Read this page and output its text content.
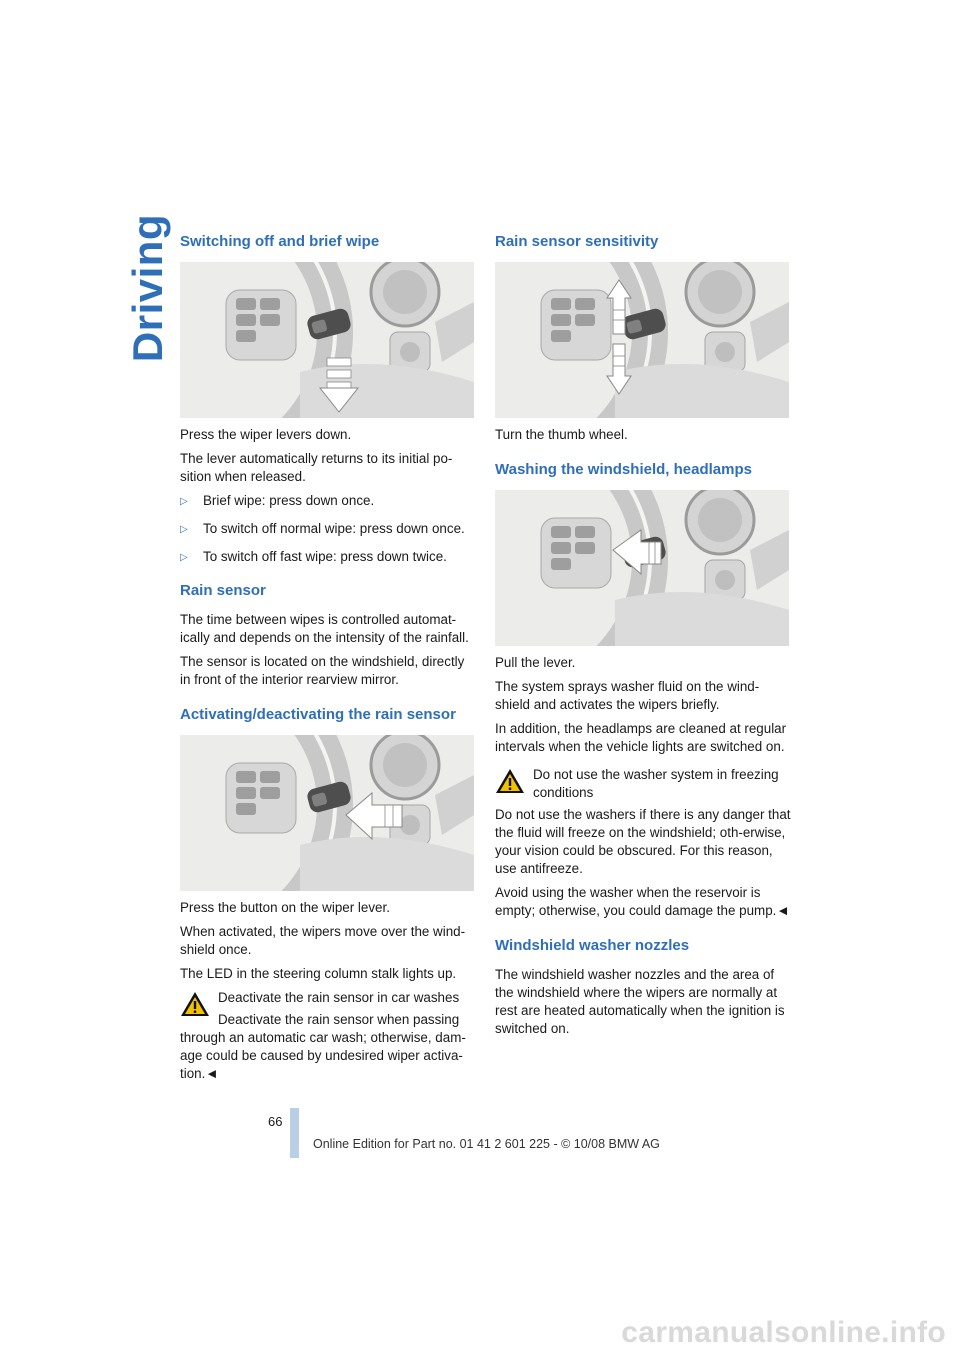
Driving Switching off and brief wipe

Press the wiper levers down.

The lever automatically returns to its initial po-sition when released.

▷	Brief wipe: press down once.
▷	To switch off normal wipe: press down once.
▷	To switch off fast wipe: press down twice.
Rain sensor

The time between wipes is controlled automat-ically and depends on the intensity of the rainfall.

The sensor is located on the windshield, directly in front of the interior rearview mirror.

Activating/deactivating the rain sensor

Press the button on the wiper lever.

When activated, the wipers move over the wind-shield once.

The LED in the steering column stalk lights up.

Deactivate the rain sensor in car washes
Deactivate the rain sensor when passing through an automatic car wash; otherwise, dam-age could be caused by undesired wiper activa-tion.◄
Rain sensor sensitivity

Turn the thumb wheel.

Washing the windshield, headlamps

Pull the lever.

The system sprays washer fluid on the wind-shield and activates the wipers briefly.

In addition, the headlamps are cleaned at regular intervals when the vehicle lights are switched on.

Do not use the washer system in freezing conditions
Do not use the washers if there is any danger that the fluid will freeze on the windshield; oth-erwise, your vision could be obscured. For this reason, use antifreeze.
Avoid using the washer when the reservoir is empty; otherwise, you could damage the pump.◄
Windshield washer nozzles

The windshield washer nozzles and the area of the windshield where the wipers are normally at rest are heated automatically when the ignition is switched on.

66
Online Edition for Part no. 01 41 2 601 225 - © 10/08 BMW AG
carmanualsonline.info
